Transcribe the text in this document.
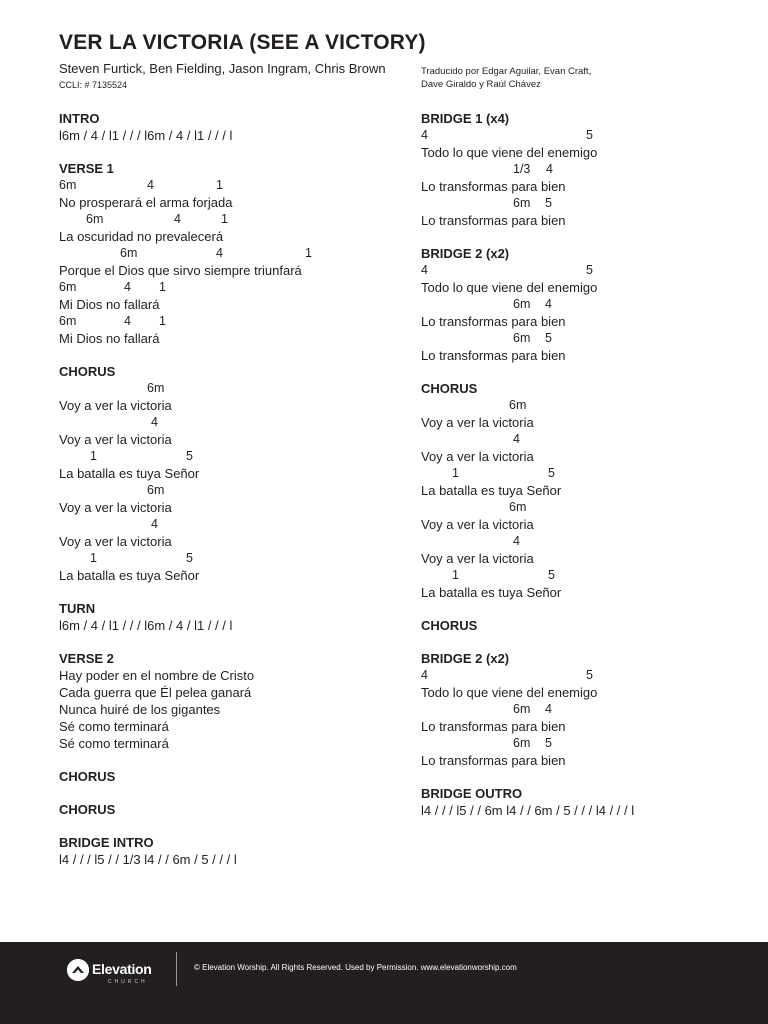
VER LA VICTORIA (SEE A VICTORY)
Steven Furtick, Ben Fielding, Jason Ingram, Chris Brown
CCLI: # 7135524
Traducido por Edgar Aguilar, Evan Craft,
Dave Giraldo y Raúl Chávez
INTRO
l6m / 4 / l1 / / / l6m / 4 / l1 / / / l
VERSE 1
6m	4	1
No prosperará el arma forjada
6m	4	1
La oscuridad no prevalecerá
6m	4	1
Porque el Dios que sirvo siempre triunfará
6m	4 1
Mi Dios no fallará
6m	4 1
Mi Dios no fallará
CHORUS
6m
Voy a ver la victoria
4
Voy a ver la victoria
1	5
La batalla es tuya Señor
6m
Voy a ver la victoria
4
Voy a ver la victoria
1	5
La batalla es tuya Señor
TURN
l6m / 4 / l1 / / / l6m / 4 / l1 / / / l
VERSE 2
Hay poder en el nombre de Cristo
Cada guerra que Él pelea ganará
Nunca huiré de los gigantes
Sé como terminará
Sé como terminará
CHORUS
CHORUS
BRIDGE INTRO
l4 / / / l5 / / 1/3 l4 / / 6m / 5 / / / l
BRIDGE 1 (x4)
4	5
Todo lo que viene del enemigo
1/3 4
Lo transformas para bien
6m 5
Lo transformas para bien
BRIDGE 2 (x2)
4	5
Todo lo que viene del enemigo
6m 4
Lo transformas para bien
6m 5
Lo transformas para bien
CHORUS
6m
Voy a ver la victoria
4
Voy a ver la victoria
1	5
La batalla es tuya Señor
6m
Voy a ver la victoria
4
Voy a ver la victoria
1	5
La batalla es tuya Señor
CHORUS
BRIDGE 2 (x2)
4	5
Todo lo que viene del enemigo
6m 4
Lo transformas para bien
6m 5
Lo transformas para bien
BRIDGE OUTRO
l4 / / / l5 / / 6m l4 / / 6m / 5 / / / l4 / / / l
Elevation
CHURCH
© Elevation Worship. All Rights Reserved. Used by Permission. www.elevationworship.com
